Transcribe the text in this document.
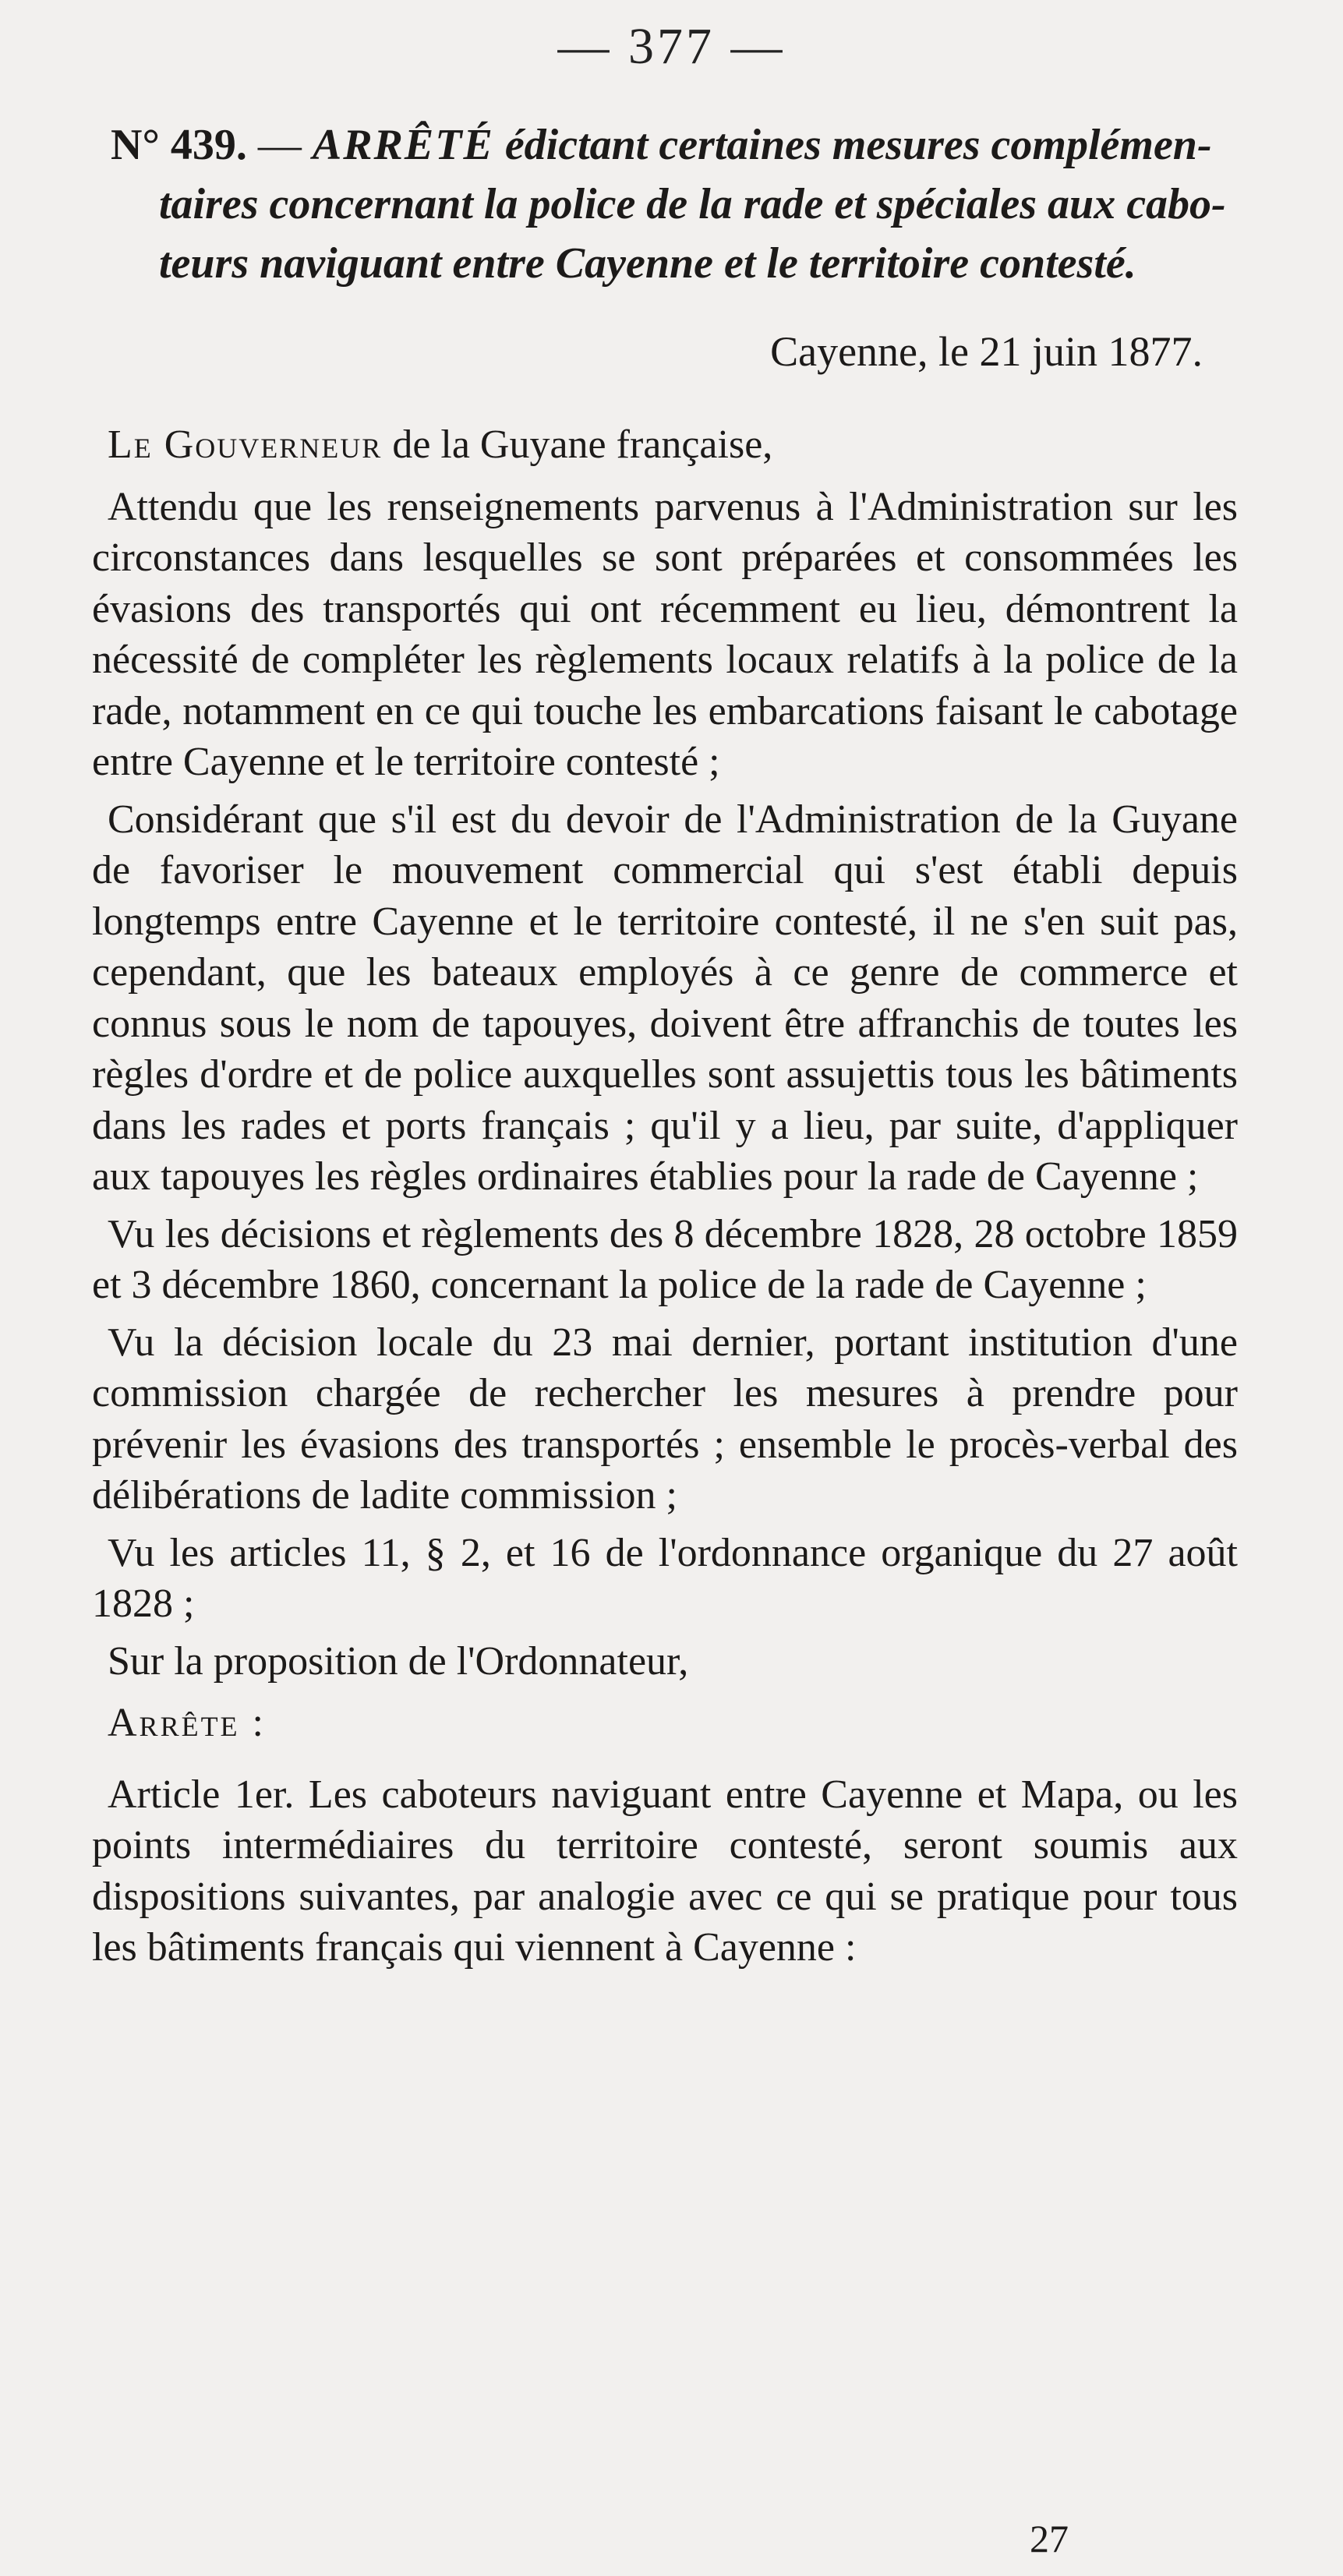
— 377 —
N° 439. — ARRÊTÉ édictant certaines mesures complémen-
taires concernant la police de la rade et spéciales aux cabo-
teurs naviguant entre Cayenne et le territoire contesté.
Cayenne, le 21 juin 1877.

Le Gouverneur de la Guyane française,

Attendu que les renseignements parvenus à l'Administration sur les circonstances dans lesquelles se sont préparées et consommées les évasions des transportés qui ont récemment eu lieu, démontrent la nécessité de compléter les règlements locaux relatifs à la police de la rade, notamment en ce qui touche les embarcations faisant le cabotage entre Cayenne et le territoire contesté ;

Considérant que s'il est du devoir de l'Administration de la Guyane de favoriser le mouvement commercial qui s'est établi depuis longtemps entre Cayenne et le territoire contesté, il ne s'en suit pas, cependant, que les bateaux employés à ce genre de commerce et connus sous le nom de tapouyes, doivent être affranchis de toutes les règles d'ordre et de police auxquelles sont assujettis tous les bâtiments dans les rades et ports français ; qu'il y a lieu, par suite, d'appliquer aux tapouyes les règles ordinaires établies pour la rade de Cayenne ;

Vu les décisions et règlements des 8 décembre 1828, 28 octobre 1859 et 3 décembre 1860, concernant la police de la rade de Cayenne ;

Vu la décision locale du 23 mai dernier, portant institution d'une commission chargée de rechercher les mesures à prendre pour prévenir les évasions des transportés ; ensemble le procès-verbal des délibérations de ladite commission ;

Vu les articles 11, § 2, et 16 de l'ordonnance organique du 27 août 1828 ;

Sur la proposition de l'Ordonnateur,

Arrête :

Article 1er. Les caboteurs naviguant entre Cayenne et Mapa, ou les points intermédiaires du territoire contesté, seront soumis aux dispositions suivantes, par analogie avec ce qui se pratique pour tous les bâtiments français qui viennent à Cayenne :

27
